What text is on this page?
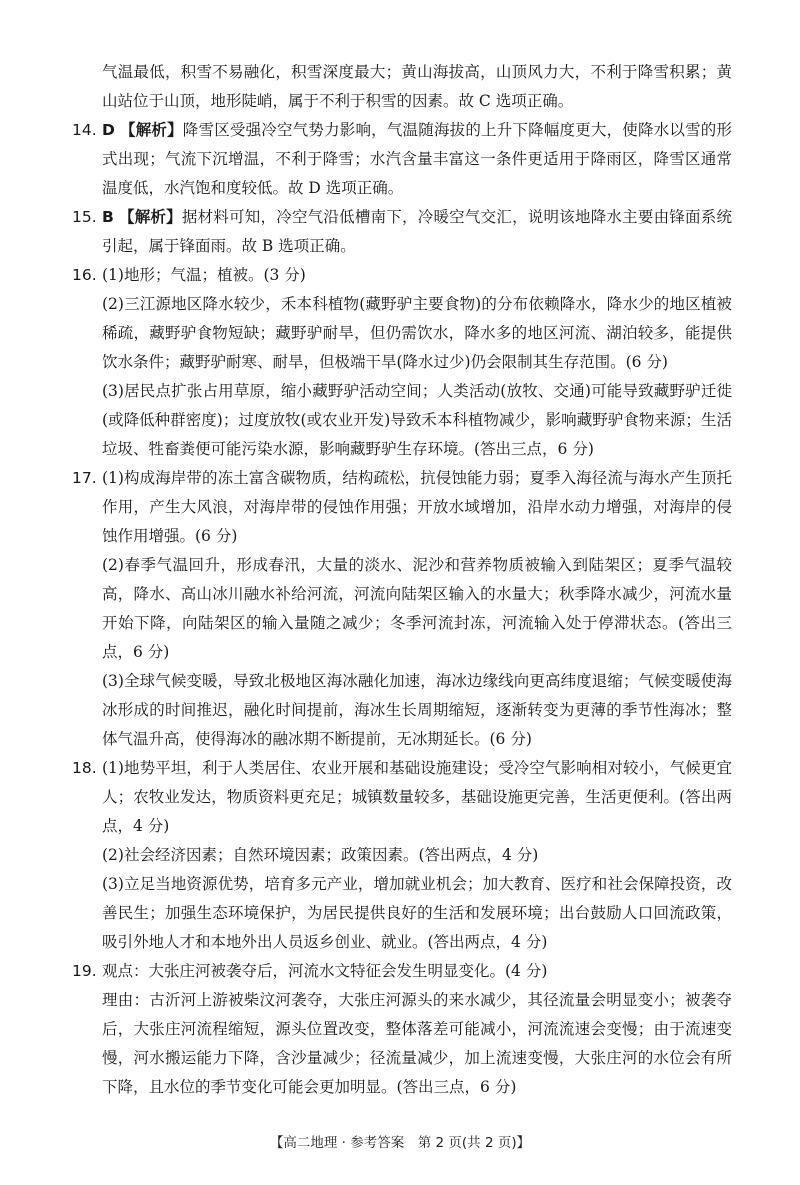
气温最低，积雪不易融化，积雪深度最大；黄山海拔高，山顶风力大，不利于降雪积累；黄山站位于山顶，地形陡峭，属于不利于积雪的因素。故 C 选项正确。

14. D 【解析】降雪区受强冷空气势力影响，气温随海拔的上升下降幅度更大，使降水以雪的形式出现；气流下沉增温，不利于降雪；水汽含量丰富这一条件更适用于降雨区，降雪区通常温度低，水汽饱和度较低。故 D 选项正确。

15. B 【解析】据材料可知，冷空气沿低槽南下，冷暖空气交汇，说明该地降水主要由锋面系统引起，属于锋面雨。故 B 选项正确。

16. (1)地形；气温；植被。(3 分)

(2)三江源地区降水较少，禾本科植物(藏野驴主要食物)的分布依赖降水，降水少的地区植被稀疏，藏野驴食物短缺；藏野驴耐旱，但仍需饮水，降水多的地区河流、湖泊较多，能提供饮水条件；藏野驴耐寒、耐旱，但极端干旱(降水过少)仍会限制其生存范围。(6 分)

(3)居民点扩张占用草原，缩小藏野驴活动空间；人类活动(放牧、交通)可能导致藏野驴迁徙(或降低种群密度)；过度放牧(或农业开发)导致禾本科植物减少，影响藏野驴食物来源；生活垃圾、牲畜粪便可能污染水源，影响藏野驴生存环境。(答出三点，6 分)

17. (1)构成海岸带的冻土富含碳物质，结构疏松，抗侵蚀能力弱；夏季入海径流与海水产生顶托作用，产生大风浪，对海岸带的侵蚀作用强；开放水域增加，沿岸水动力增强，对海岸的侵蚀作用增强。(6 分)

(2)春季气温回升，形成春汛，大量的淡水、泥沙和营养物质被输入到陆架区；夏季气温较高，降水、高山冰川融水补给河流，河流向陆架区输入的水量大；秋季降水减少，河流水量开始下降，向陆架区的输入量随之减少；冬季河流封冻，河流输入处于停滞状态。(答出三点，6 分)

(3)全球气候变暖，导致北极地区海冰融化加速，海冰边缘线向更高纬度退缩；气候变暖使海冰形成的时间推迟，融化时间提前，海冰生长周期缩短，逐渐转变为更薄的季节性海冰；整体气温升高，使得海冰的融冰期不断提前，无冰期延长。(6 分)

18. (1)地势平坦，利于人类居住、农业开展和基础设施建设；受冷空气影响相对较小，气候更宜人；农牧业发达，物质资料更充足；城镇数量较多，基础设施更完善，生活更便利。(答出两点，4 分)

(2)社会经济因素；自然环境因素；政策因素。(答出两点，4 分)

(3)立足当地资源优势，培育多元产业，增加就业机会；加大教育、医疗和社会保障投资，改善民生；加强生态环境保护，为居民提供良好的生活和发展环境；出台鼓励人口回流政策，吸引外地人才和本地外出人员返乡创业、就业。(答出两点，4 分)

19. 观点：大张庄河被袭夺后，河流水文特征会发生明显变化。(4 分)

理由：古沂河上游被柴汶河袭夺，大张庄河源头的来水减少，其径流量会明显变小；被袭夺后，大张庄河流程缩短，源头位置改变，整体落差可能减小，河流流速会变慢；由于流速变慢，河水搬运能力下降，含沙量减少；径流量减少，加上流速变慢，大张庄河的水位会有所下降，且水位的季节变化可能会更加明显。(答出三点，6 分)

【高二地理 · 参考答案　第 2 页(共 2 页)】
